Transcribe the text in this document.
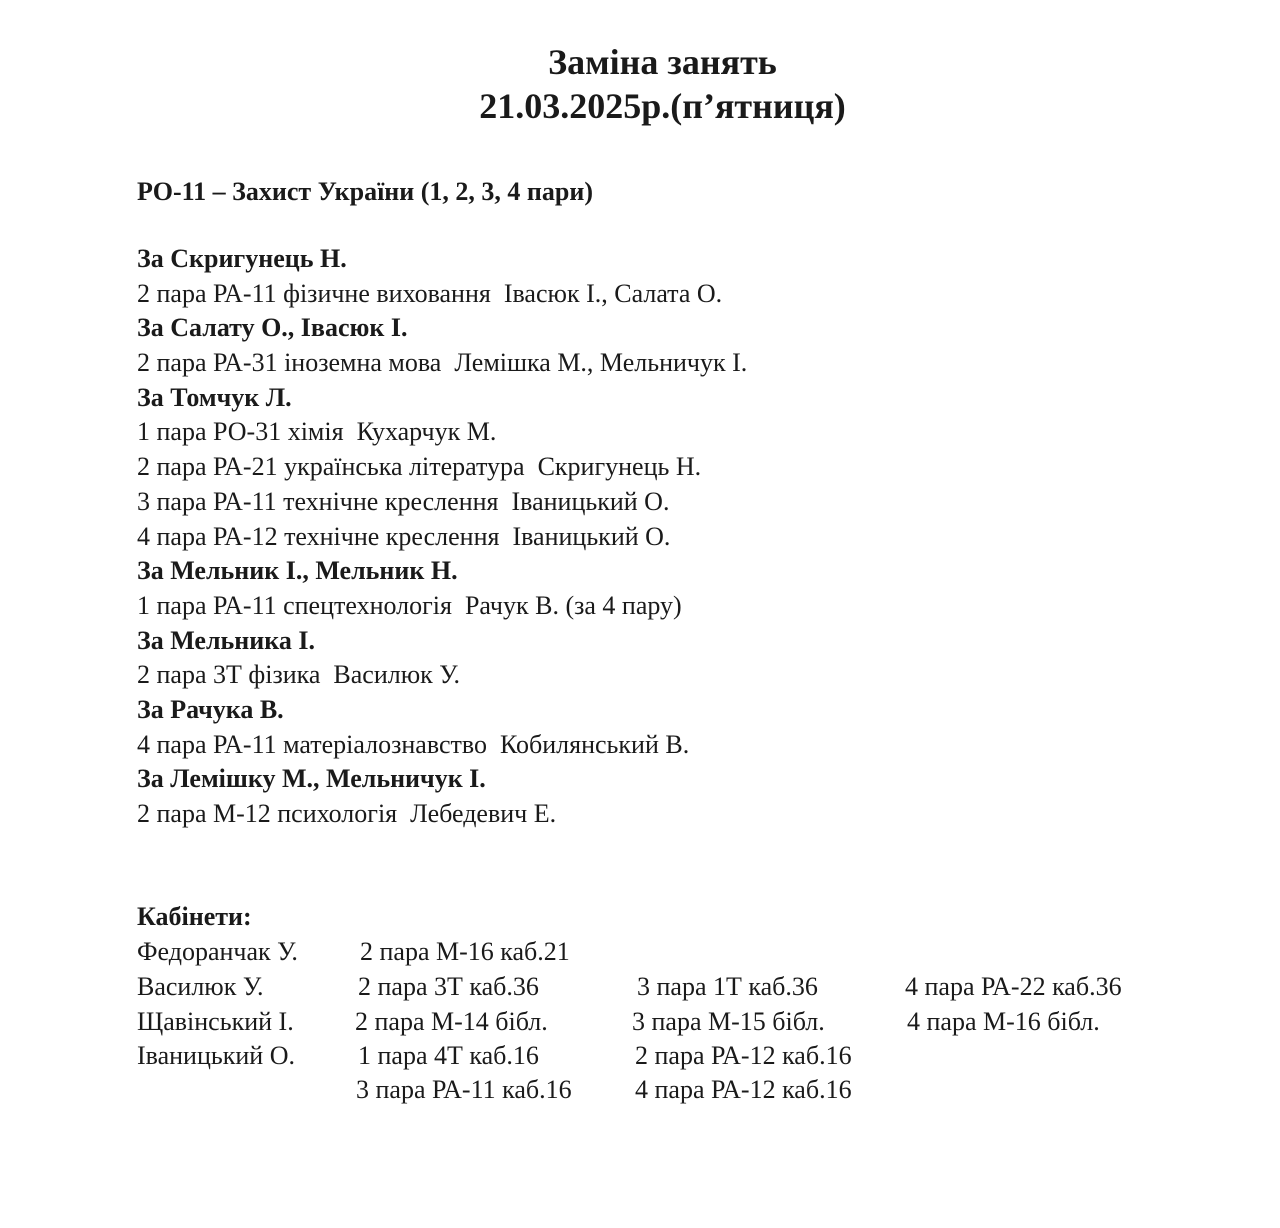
Заміна занять
21.03.2025р.(п’ятниця)
РО-11 – Захист України (1, 2, 3, 4 пари)
За Скригунець Н.
2 пара РА-11 фізичне виховання  Івасюк І., Салата О.
За Салату О., Івасюк І.
2 пара РА-31 іноземна мова  Лемішка М., Мельничук І.
За Томчук Л.
1 пара РО-31 хімія  Кухарчук М.
2 пара РА-21 українська література  Скригунець Н.
3 пара РА-11 технічне креслення  Іваницький О.
4 пара РА-12 технічне креслення  Іваницький О.
За Мельник І., Мельник Н.
1 пара РА-11 спецтехнологія  Рачук В. (за 4 пару)
За Мельника І.
2 пара 3Т фізика  Василюк У.
За Рачука В.
4 пара РА-11 матеріалознавство  Кобилянський В.
За Лемішку М., Мельничук І.
2 пара М-12 психологія  Лебедевич Е.
Кабінети:
Федоранчак У. 2 пара М-16 каб.21
Василюк У.	2 пара 3Т каб.36	3 пара 1Т каб.36	4 пара РА-22 каб.36
Щавінський І. 2 пара М-14 бібл.	3 пара М-15 бібл.	4 пара М-16 бібл.
Іваницький О. 1 пара 4Т каб.16	2 пара РА-12 каб.16
3 пара РА-11 каб.16 4 пара РА-12 каб.16
